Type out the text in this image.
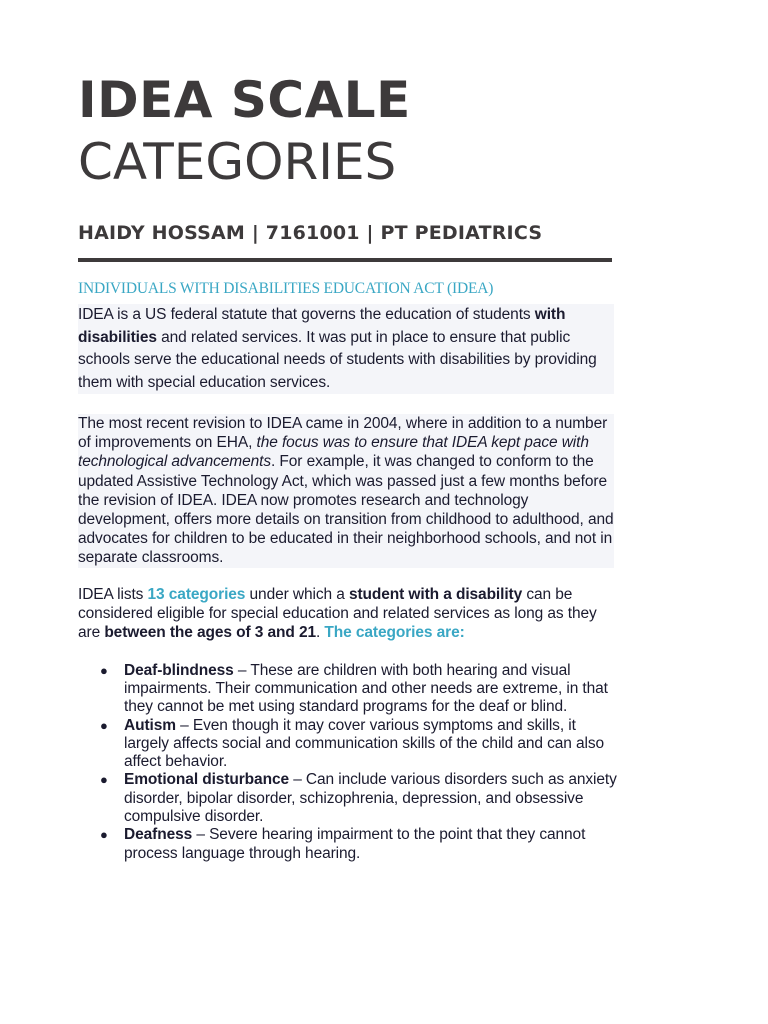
IDEA SCALE
CATEGORIES
HAIDY HOSSAM | 7161001 | PT PEDIATRICS
INDIVIDUALS WITH DISABILITIES EDUCATION ACT (IDEA)

IDEA is a US federal statute that governs the education of students with disabilities and related services. It was put in place to ensure that public schools serve the educational needs of students with disabilities by providing them with special education services.

The most recent revision to IDEA came in 2004, where in addition to a number of improvements on EHA, the focus was to ensure that IDEA kept pace with technological advancements. For example, it was changed to conform to the updated Assistive Technology Act, which was passed just a few months before the revision of IDEA. IDEA now promotes research and technology development, offers more details on transition from childhood to adulthood, and advocates for children to be educated in their neighborhood schools, and not in separate classrooms.

IDEA lists 13 categories under which a student with a disability can be considered eligible for special education and related services as long as they are between the ages of 3 and 21. The categories are:

● Deaf-blindness – These are children with both hearing and visual impairments. Their communication and other needs are extreme, in that they cannot be met using standard programs for the deaf or blind.
● Autism – Even though it may cover various symptoms and skills, it largely affects social and communication skills of the child and can also affect behavior.
● Emotional disturbance – Can include various disorders such as anxiety disorder, bipolar disorder, schizophrenia, depression, and obsessive compulsive disorder.
● Deafness – Severe hearing impairment to the point that they cannot process language through hearing.
